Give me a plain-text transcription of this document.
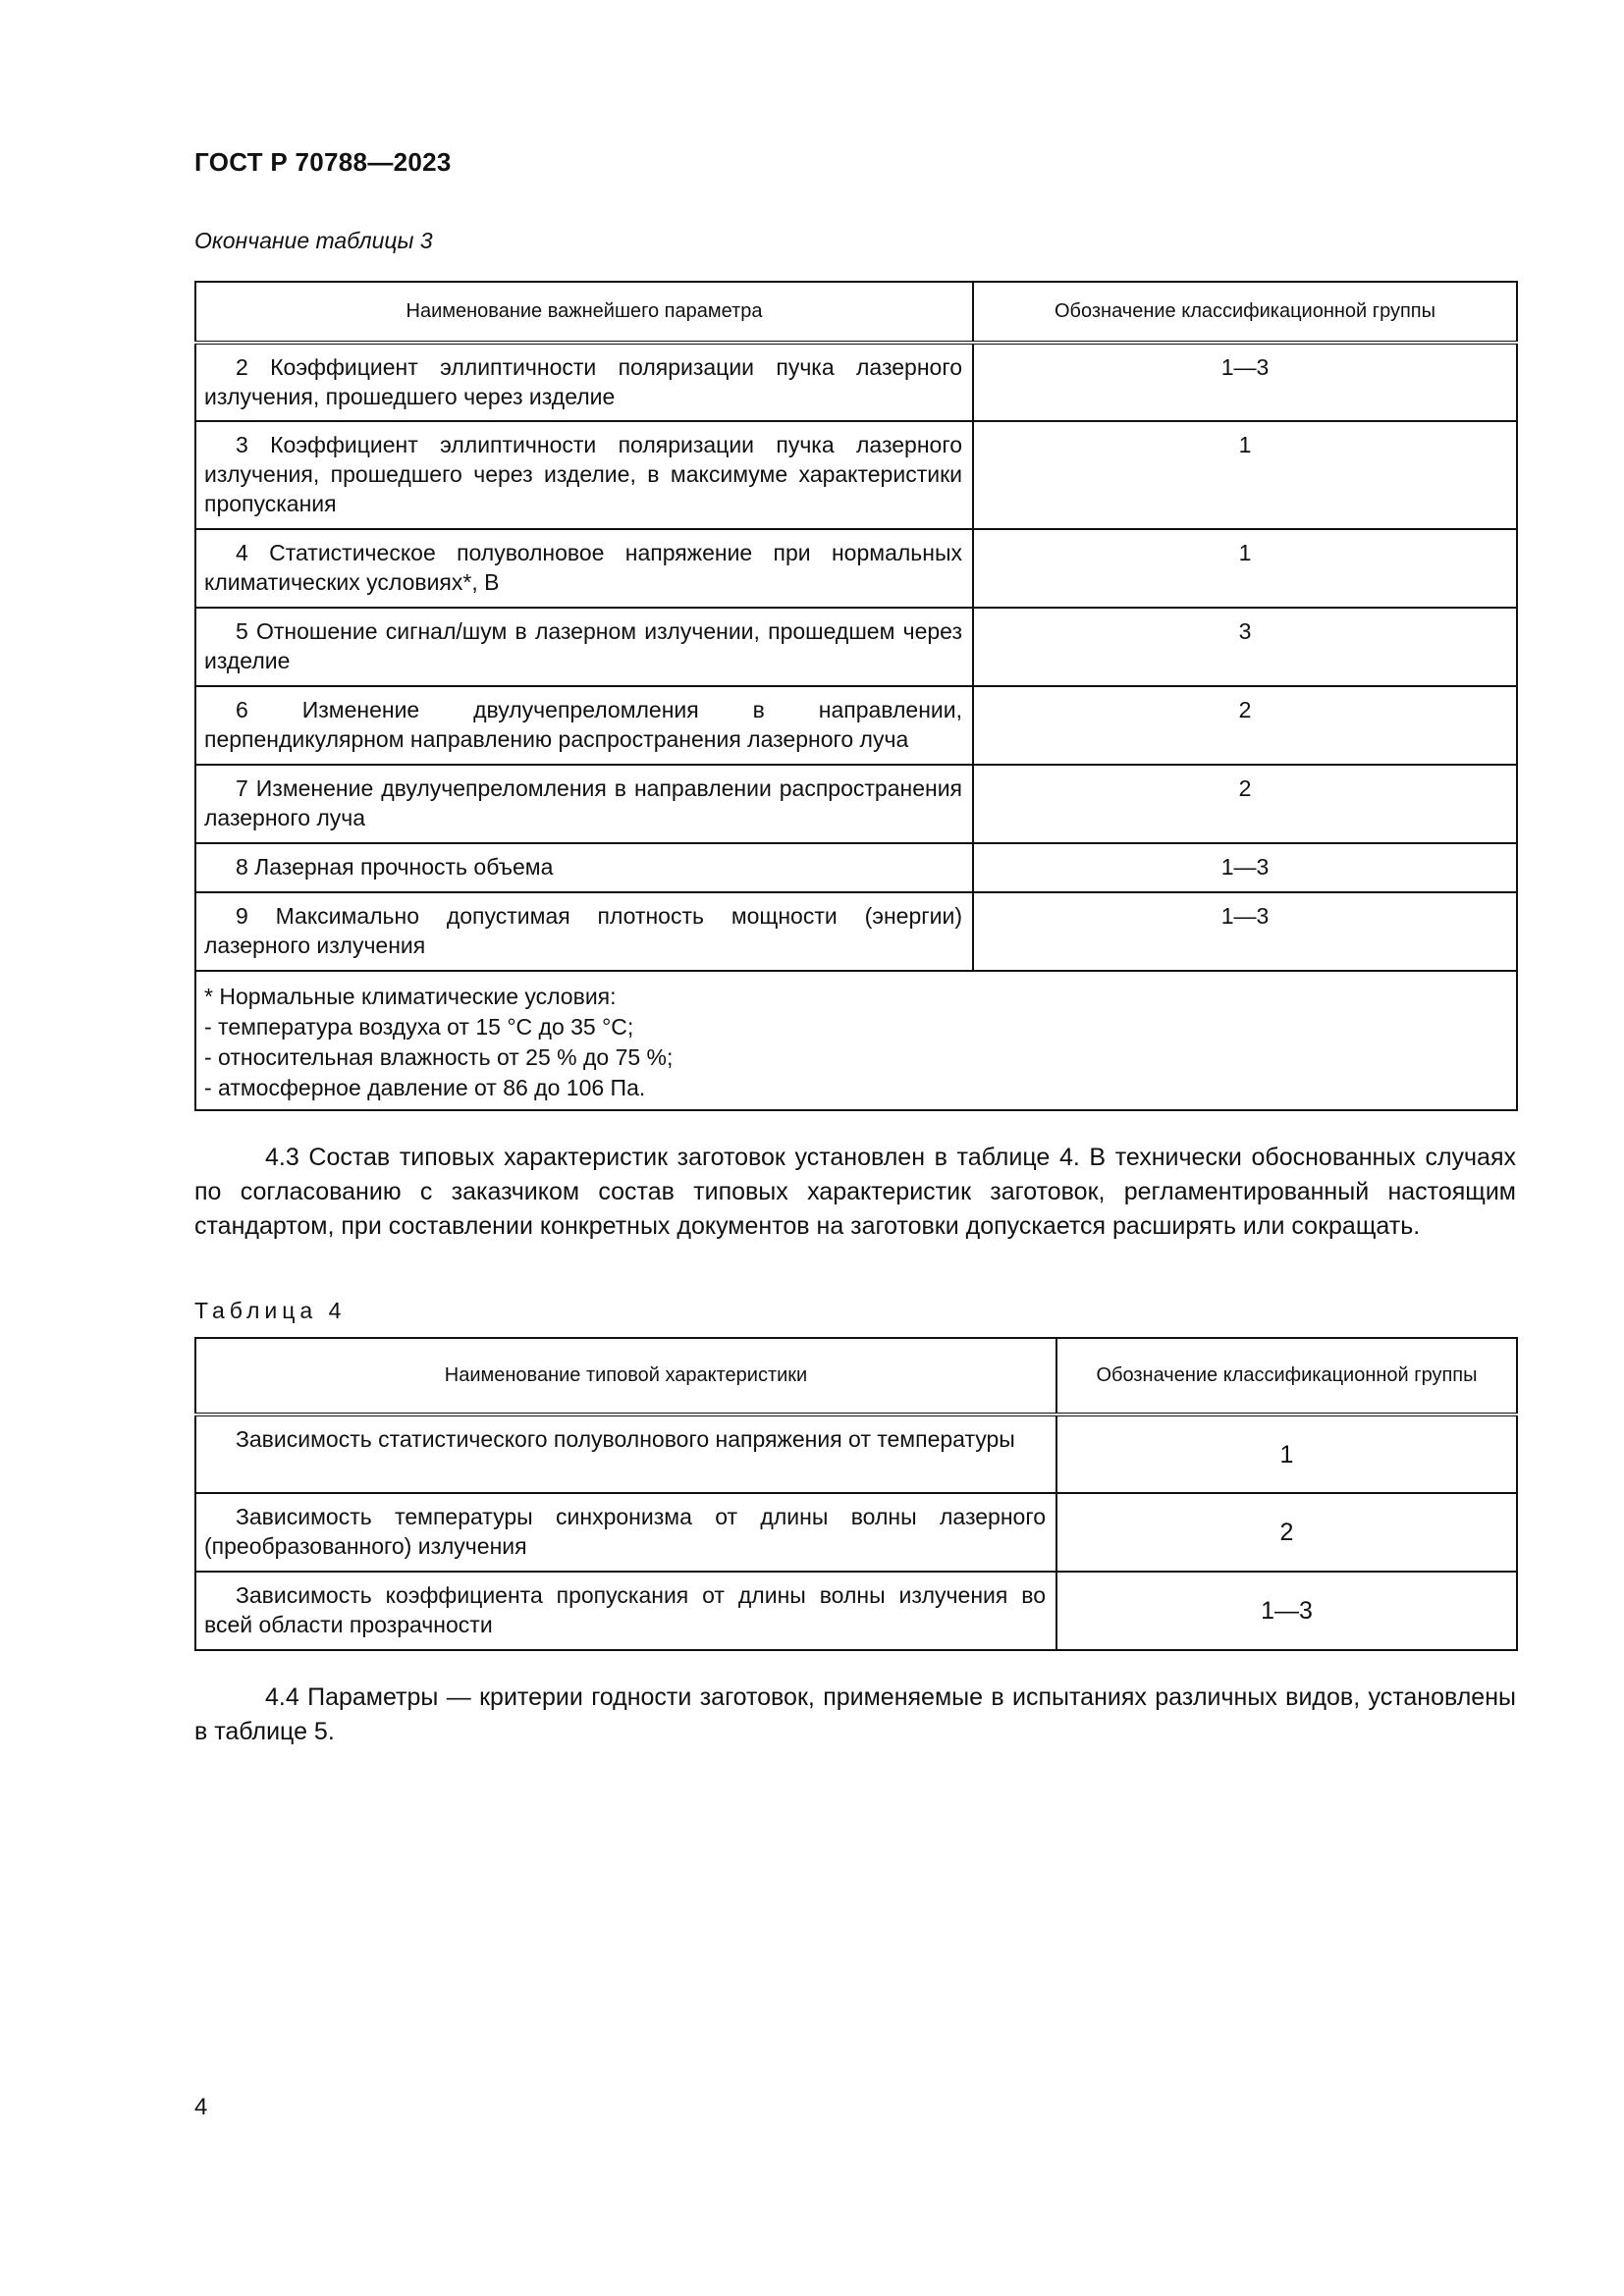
ГОСТ Р 70788—2023
Окончание таблицы 3
Наименование важнейшего параметра	Обозначение классификационной группы
2 Коэффициент эллиптичности поляризации пучка лазерного излучения, прошедшего через изделие	1—3
3 Коэффициент эллиптичности поляризации пучка лазерного излучения, прошедшего через изделие, в максимуме характеристики пропускания	1
4 Статистическое полуволновое напряжение при нормальных климатических условиях*, В	1
5 Отношение сигнал/шум в лазерном излучении, прошедшем через изделие	3
6 Изменение двулучепреломления в направлении, перпендикулярном направлению распространения лазерного луча	2
7 Изменение двулучепреломления в направлении распространения лазерного луча	2
8 Лазерная прочность объема	1—3
9 Максимально допустимая плотность мощности (энергии) лазерного излучения	1—3

* Нормальные климатические условия:
- температура воздуха от 15 °С до 35 °С;
- относительная влажность от 25 % до 75 %;
- атмосферное давление от 86 до 106 Па.	
4.3 Состав типовых характеристик заготовок установлен в таблице 4. В технически обоснованных случаях по согласованию с заказчиком состав типовых характеристик заготовок, регламентированный настоящим стандартом, при составлении конкретных документов на заготовки допускается расширять или сокращать.
Таблица 4
Наименование типовой характеристики	Обозначение классификационной группы
Зависимость статистического полуволнового напряжения от температуры	1
Зависимость температуры синхронизма от длины волны лазерного (преобразованного) излучения	2
Зависимость коэффициента пропускания от длины волны излучения во всей области прозрачности	1—3
4.4 Параметры — критерии годности заготовок, применяемые в испытаниях различных видов, установлены в таблице 5.
4
